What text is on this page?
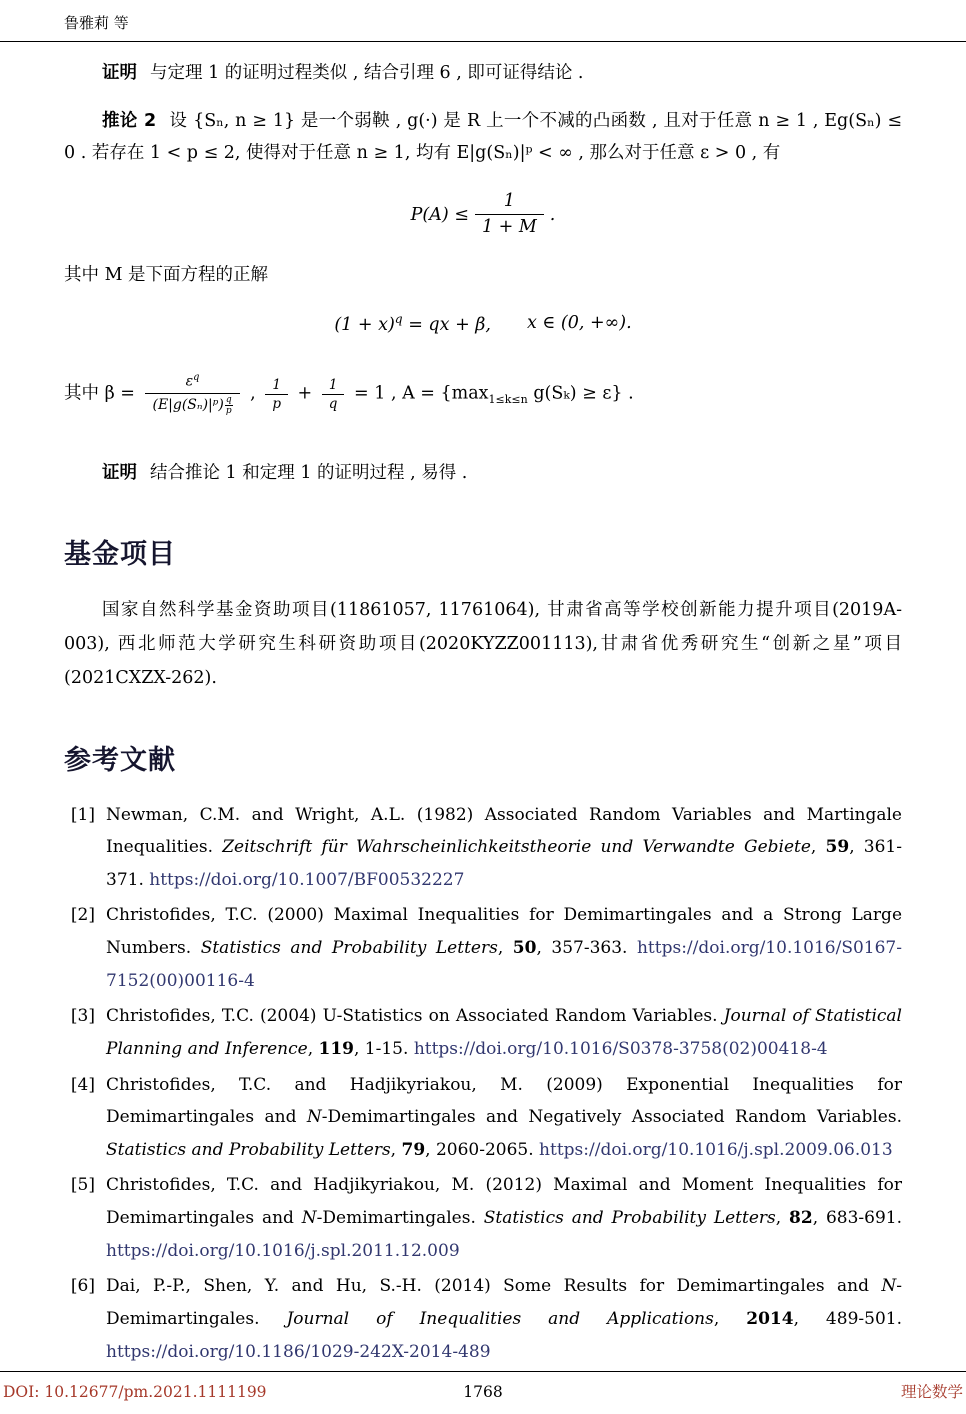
鲁雅莉 等

证明 与定理 1 的证明过程类似 , 结合引理 6 , 即可证得结论 .

推论 2 设 {Sₙ, n ≥ 1} 是一个弱鞅 , g(·) 是 R 上一个不减的凸函数 , 且对于任意 n ≥ 1 , Eg(Sₙ) ≤ 0 . 若存在 1 < p ≤ 2, 使得对于任意 n ≥ 1, 均有 E|g(Sₙ)|ᵖ < ∞ , 那么对于任意 ε > 0 , 有

$P(A) \le \frac{1}{1 + M}$ .

其中 M 是下面方程的正解

$(1 + x)^q$ = qx + β, x ∈ (0, +∞).

其中 $\beta = \frac{\varepsilon^q}{(E|g(S_n)|ᵖ) \frac{q}{p}}$ , $\frac{1}{p} + \frac{1}{q} = 1$ , $A = \{\max_{1\le k\le n}$ g(Sₖ) ≥ ε} .

证明 结合推论 1 和定理 1 的证明过程 , 易得 .

基金项目

国家自然科学基金资助项目(11861057, 11761064), 甘肃省高等学校创新能力提升项目(2019A-003), 西北师范大学研究生科研资助项目(2020KYZZ001113),甘肃省优秀研究生“创新之星”项目(2021CXZX-262).

参考文献
[1] Newman, C.M. and Wright, A.L. (1982) Associated Random Variables and Martingale Inequalities. Zeitschrift für Wahrscheinlichkeitstheorie und Verwandte Gebiete, 59, 361-371. https://doi.org/10.1007/BF00532227
[2] Christofides, T.C. (2000) Maximal Inequalities for Demimartingales and a Strong Large Numbers. Statistics and Probability Letters, 50, 357-363. https://doi.org/10.1016/S0167-7152(00)00116-4
[3] Christofides, T.C. (2004) U-Statistics on Associated Random Variables. Journal of Statistical Planning and Inference, 119, 1-15. https://doi.org/10.1016/S0378-3758(02)00418-4
[4] Christofides, T.C. and Hadjikyriakou, M. (2009) Exponential Inequalities for Demimartingales and N-Demimartingales and Negatively Associated Random Variables. Statistics and Probability Letters, 79, 2060-2065. https://doi.org/10.1016/j.spl.2009.06.013
[5] Christofides, T.C. and Hadjikyriakou, M. (2012) Maximal and Moment Inequalities for Demimartingales and N-Demimartingales. Statistics and Probability Letters, 82, 683-691. https://doi.org/10.1016/j.spl.2011.12.009
[6] Dai, P.-P., Shen, Y. and Hu, S.-H. (2014) Some Results for Demimartingales and N-Demimartingales. Journal of Inequalities and Applications, 2014, 489-501. https://doi.org/10.1186/1029-242X-2014-489
DOI: 10.12677/pm.2021.1111199	1768	理论数学
